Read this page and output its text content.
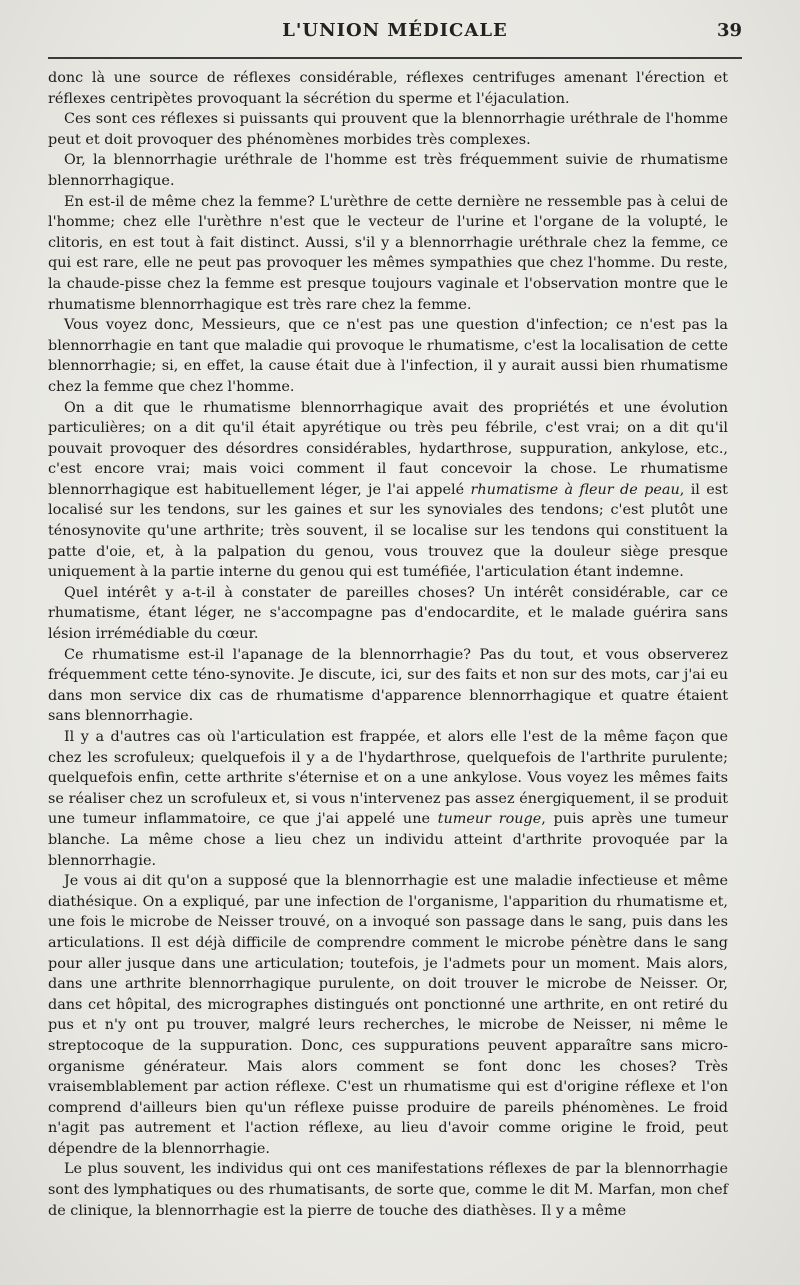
L'UNION MÉDICALE	39

donc là une source de réflexes considérable, réflexes centrifuges amenant l'érection et réflexes centripètes provoquant la sécrétion du sperme et l'éjaculation.

Ces sont ces réflexes si puissants qui prouvent que la blennorrhagie uréthrale de l'homme peut et doit provoquer des phénomènes morbides très complexes.

Or, la blennorrhagie uréthrale de l'homme est très fréquemment suivie de rhumatisme blennorrhagique.

En est-il de même chez la femme? L'urèthre de cette dernière ne ressemble pas à celui de l'homme; chez elle l'urèthre n'est que le vecteur de l'urine et l'organe de la volupté, le clitoris, en est tout à fait distinct. Aussi, s'il y a blennorrhagie uréthrale chez la femme, ce qui est rare, elle ne peut pas provoquer les mêmes sympathies que chez l'homme. Du reste, la chaude-pisse chez la femme est presque toujours vaginale et l'observation montre que le rhumatisme blennorrhagique est très rare chez la femme.

Vous voyez donc, Messieurs, que ce n'est pas une question d'infection; ce n'est pas la blennorrhagie en tant que maladie qui provoque le rhumatisme, c'est la localisation de cette blennorrhagie; si, en effet, la cause était due à l'infection, il y aurait aussi bien rhumatisme chez la femme que chez l'homme.

On a dit que le rhumatisme blennorrhagique avait des propriétés et une évolution particulières; on a dit qu'il était apyrétique ou très peu fébrile, c'est vrai; on a dit qu'il pouvait provoquer des désordres considérables, hydarthrose, suppuration, ankylose, etc., c'est encore vrai; mais voici comment il faut concevoir la chose. Le rhumatisme blennorrhagique est habituellement léger, je l'ai appelé rhumatisme à fleur de peau, il est localisé sur les tendons, sur les gaines et sur les synoviales des tendons; c'est plutôt une ténosynovite qu'une arthrite; très souvent, il se localise sur les tendons qui constituent la patte d'oie, et, à la palpation du genou, vous trouvez que la douleur siège presque uniquement à la partie interne du genou qui est tuméfiée, l'articulation étant indemne.

Quel intérêt y a-t-il à constater de pareilles choses? Un intérêt considérable, car ce rhumatisme, étant léger, ne s'accompagne pas d'endocardite, et le malade guérira sans lésion irrémédiable du cœur.

Ce rhumatisme est-il l'apanage de la blennorrhagie? Pas du tout, et vous observerez fréquemment cette téno-synovite. Je discute, ici, sur des faits et non sur des mots, car j'ai eu dans mon service dix cas de rhumatisme d'apparence blennorrhagique et quatre étaient sans blennorrhagie.

Il y a d'autres cas où l'articulation est frappée, et alors elle l'est de la même façon que chez les scrofuleux; quelquefois il y a de l'hydarthrose, quelquefois de l'arthrite purulente; quelquefois enfin, cette arthrite s'éternise et on a une ankylose. Vous voyez les mêmes faits se réaliser chez un scrofuleux et, si vous n'intervenez pas assez énergiquement, il se produit une tumeur inflammatoire, ce que j'ai appelé une tumeur rouge, puis après une tumeur blanche. La même chose a lieu chez un individu atteint d'arthrite provoquée par la blennorrhagie.

Je vous ai dit qu'on a supposé que la blennorrhagie est une maladie infectieuse et même diathésique. On a expliqué, par une infection de l'organisme, l'apparition du rhumatisme et, une fois le microbe de Neisser trouvé, on a invoqué son passage dans le sang, puis dans les articulations. Il est déjà difficile de comprendre comment le microbe pénètre dans le sang pour aller jusque dans une articulation; toutefois, je l'admets pour un moment. Mais alors, dans une arthrite blennorrhagique purulente, on doit trouver le microbe de Neisser. Or, dans cet hôpital, des micrographes distingués ont ponctionné une arthrite, en ont retiré du pus et n'y ont pu trouver, malgré leurs recherches, le microbe de Neisser, ni même le streptocoque de la suppuration. Donc, ces suppurations peuvent apparaître sans micro-organisme générateur. Mais alors comment se font donc les choses? Très vraisemblablement par action réflexe. C'est un rhumatisme qui est d'origine réflexe et l'on comprend d'ailleurs bien qu'un réflexe puisse produire de pareils phénomènes. Le froid n'agit pas autrement et l'action réflexe, au lieu d'avoir comme origine le froid, peut dépendre de la blennorrhagie.

Le plus souvent, les individus qui ont ces manifestations réflexes de par la blennorrhagie sont des lymphatiques ou des rhumatisants, de sorte que, comme le dit M. Marfan, mon chef de clinique, la blennorrhagie est la pierre de touche des diathèses. Il y a même
